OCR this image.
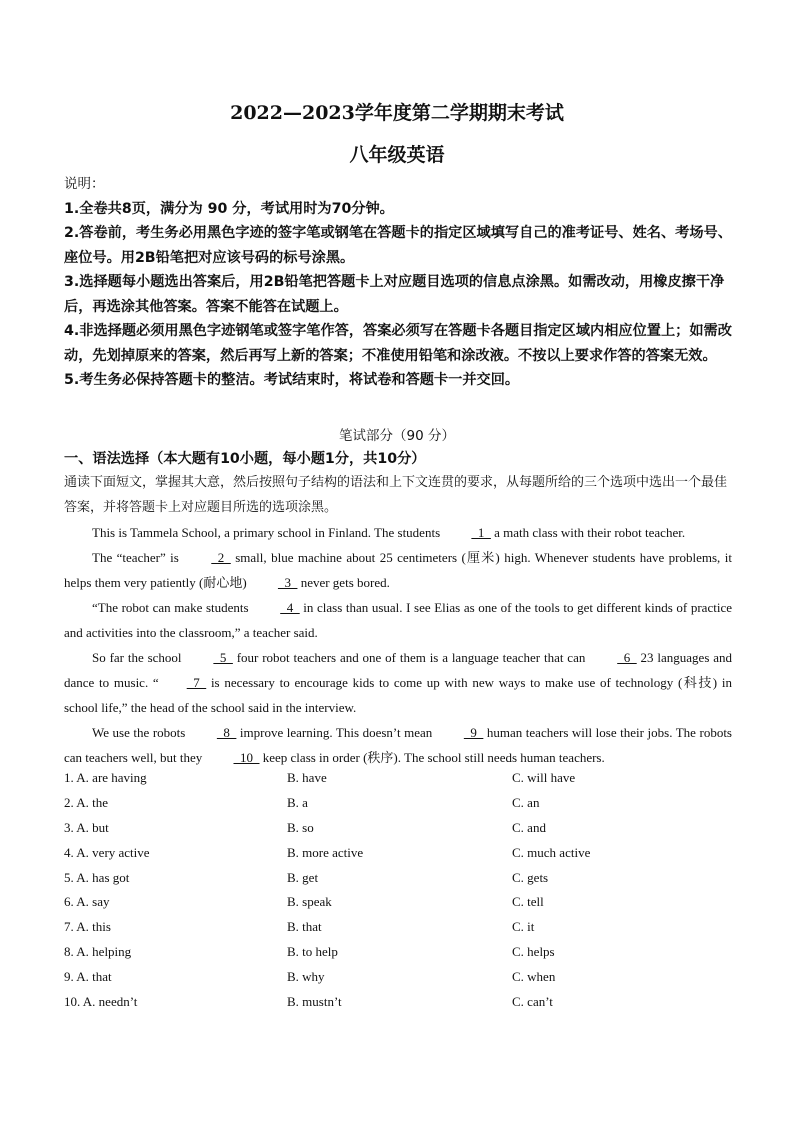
2022—2023学年度第二学期期末考试
八年级英语

说明：

1.全卷共8页，满分为 90 分，考试用时为70分钟。

2.答卷前，考生务必用黑色字迹的签字笔或钢笔在答题卡的指定区域填写自己的准考证号、姓名、考场号、座位号。用2B铅笔把对应该号码的标号涂黑。

3.选择题每小题选出答案后，用2B铅笔把答题卡上对应题目选项的信息点涂黑。如需改动，用橡皮擦干净后，再选涂其他答案。答案不能答在试题上。

4.非选择题必须用黑色字迹钢笔或签字笔作答，答案必须写在答题卡各题目指定区域内相应位置上；如需改动，先划掉原来的答案，然后再写上新的答案；不准使用铅笔和涂改液。不按以上要求作答的答案无效。

5.考生务必保持答题卡的整洁。考试结束时，将试卷和答题卡一并交回。

笔试部分（90 分）
一、语法选择（本大题有10小题，每小题1分，共10分）
通读下面短文，掌握其大意，然后按照句子结构的语法和上下文连贯的要求，从每题所给的三个选项中选出一个最佳答案，并将答题卡上对应题目所选的选项涂黑。

This is Tammela School, a primary school in Finland. The students   1   a math class with their robot teacher.

The “teacher” is   2   small, blue machine about 25 centimeters (厘米) high. Whenever students have problems, it helps them very patiently (耐心地)   3   never gets bored.

“The robot can make students   4   in class than usual. I see Elias as one of the tools to get different kinds of practice and activities into the classroom,” a teacher said.

So far the school   5   four robot teachers and one of them is a language teacher that can   6   23 languages and dance to music. “  7   is necessary to encourage kids to come up with new ways to make use of technology (科技) in school life,” the head of the school said in the interview.

We use the robots   8   improve learning. This doesn’t mean   9   human teachers will lose their jobs. The robots can teachers well, but they   10   keep class in order (秩序). The school still needs human teachers.

1. A. are having	B. have	C. will have
2. A. the	B. a	C. an
3. A. but	B. so	C. and
4. A. very active	B. more active	C. much active
5. A. has got	B. get	C. gets
6. A. say	B. speak	C. tell
7. A. this	B. that	C. it
8. A. helping	B. to help	C. helps
9. A. that	B. why	C. when
10. A. needn’t	B. mustn’t	C. can’t
